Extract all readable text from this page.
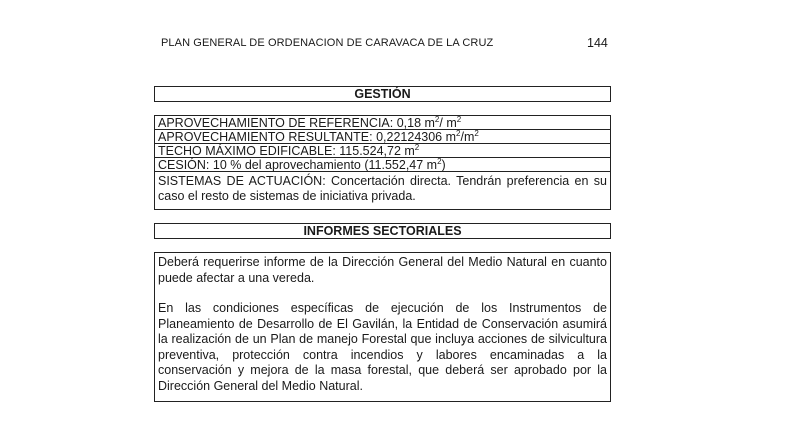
PLAN GENERAL DE ORDENACION DE CARAVACA DE LA CRUZ	144
GESTIÓN
APROVECHAMIENTO DE REFERENCIA: 0,18 $m^2/$ $m^2$
APROVECHAMIENTO RESULTANTE: 0,22124306 $m^2/m^2$
TECHO MÁXIMO EDIFICABLE: 115.524,72 $m^2$
CESIÓN: 10 % del aprovechamiento (11.552,47 $m^2$)
SISTEMAS DE ACTUACIÓN: Concertación directa. Tendrán preferencia en su caso el resto de sistemas de iniciativa privada.
INFORMES SECTORIALES

Deberá requerirse informe de la Dirección General del Medio Natural en cuanto puede afectar a una vereda.

En las condiciones específicas de ejecución de los Instrumentos de Planeamiento de Desarrollo de El Gavilán, la Entidad de Conservación asumirá la realización de un Plan de manejo Forestal que incluya acciones de silvicultura preventiva, protección contra incendios y labores encaminadas a la conservación y mejora de la masa forestal, que deberá ser aprobado por la Dirección General del Medio Natural.
